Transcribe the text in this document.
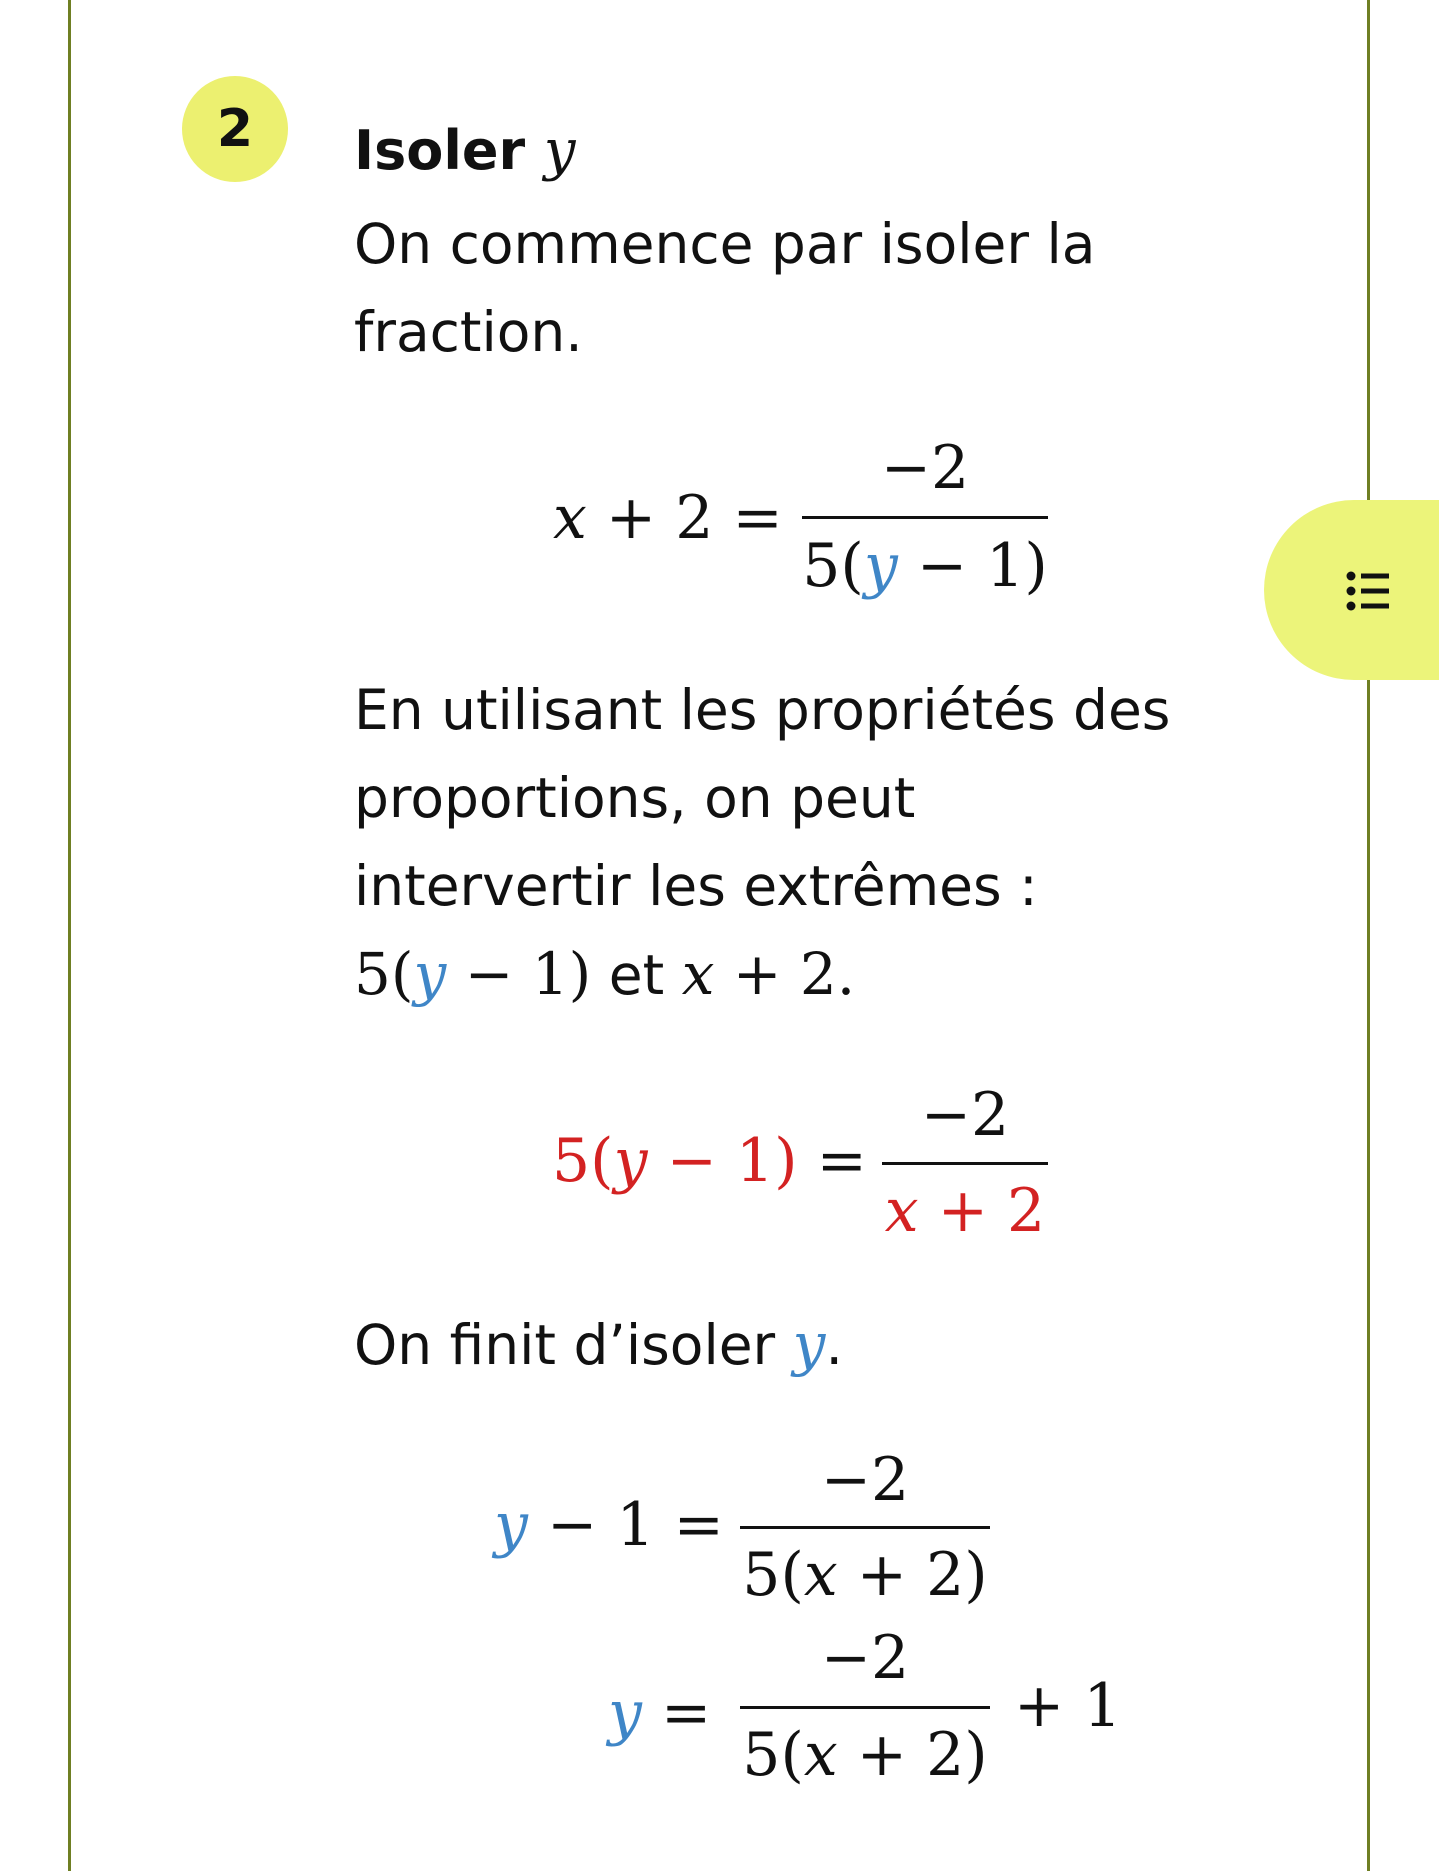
2	Isoler y
On commence par isoler la
fraction.
x + 2 =
−2
5(y − 1)
En utilisant les propriétés des
proportions, on peut
intervertir les extrêmes :
5(y − 1) et x + 2.
5(y − 1) =
−2
x + 2
On finit d’isoler y.
y − 1 =
−2
5(x + 2)
y =
−2
5(x + 2)
+ 1
